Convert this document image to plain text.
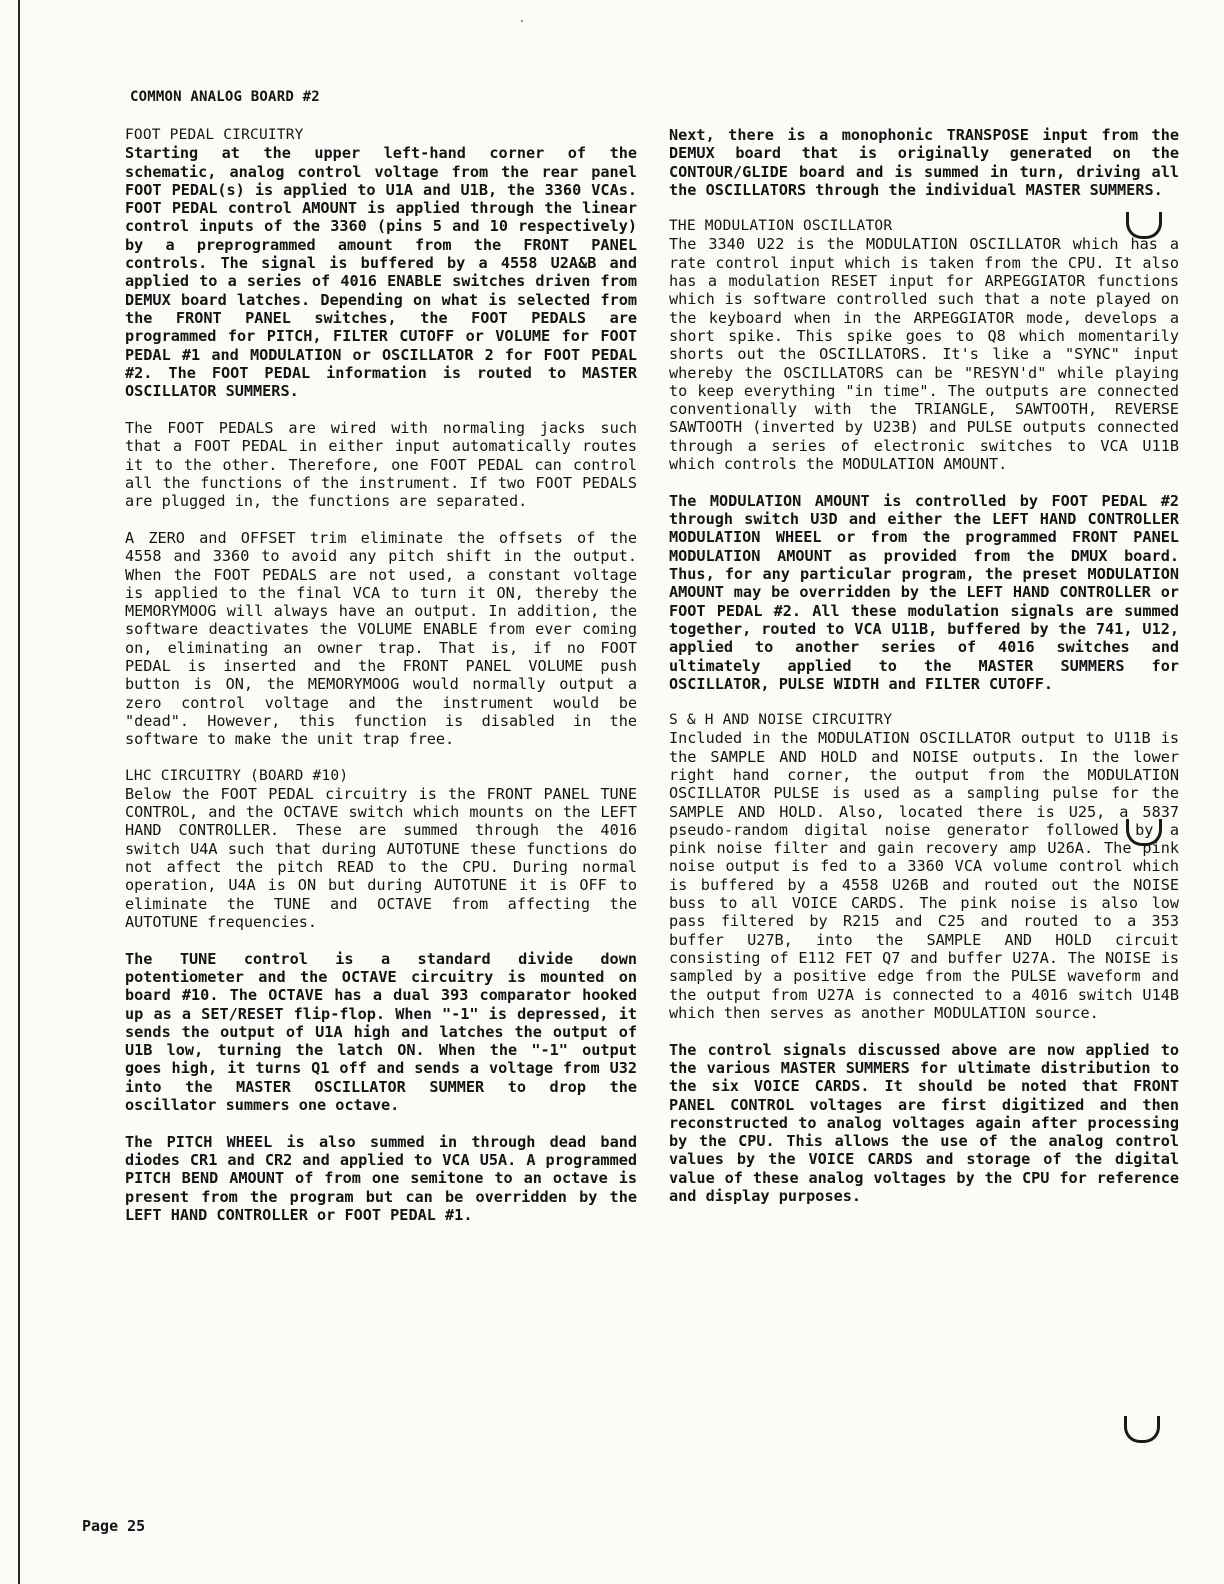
COMMON ANALOG BOARD #2
FOOT PEDAL CIRCUITRY

Starting at the upper left-hand corner of the schematic, analog control voltage from the rear panel FOOT PEDAL(s) is applied to U1A and U1B, the 3360 VCAs. FOOT PEDAL control AMOUNT is applied through the linear control inputs of the 3360 (pins 5 and 10 respectively) by a preprogrammed amount from the FRONT PANEL controls. The signal is buffered by a 4558 U2A&B and applied to a series of 4016 ENABLE switches driven from DEMUX board latches. Depending on what is selected from the FRONT PANEL switches, the FOOT PEDALS are programmed for PITCH, FILTER CUTOFF or VOLUME for FOOT PEDAL #1 and MODULATION or OSCILLATOR 2 for FOOT PEDAL #2. The FOOT PEDAL information is routed to MASTER OSCILLATOR SUMMERS.

The FOOT PEDALS are wired with normaling jacks such that a FOOT PEDAL in either input automatically routes it to the other. Therefore, one FOOT PEDAL can control all the functions of the instrument. If two FOOT PEDALS are plugged in, the functions are separated.

A ZERO and OFFSET trim eliminate the offsets of the 4558 and 3360 to avoid any pitch shift in the output. When the FOOT PEDALS are not used, a constant voltage is applied to the final VCA to turn it ON, thereby the MEMORYMOOG will always have an output. In addition, the software deactivates the VOLUME ENABLE from ever coming on, eliminating an owner trap. That is, if no FOOT PEDAL is inserted and the FRONT PANEL VOLUME push button is ON, the MEMORYMOOG would normally output a zero control voltage and the instrument would be "dead". However, this function is disabled in the software to make the unit trap free.

LHC CIRCUITRY (BOARD #10)

Below the FOOT PEDAL circuitry is the FRONT PANEL TUNE CONTROL, and the OCTAVE switch which mounts on the LEFT HAND CONTROLLER. These are summed through the 4016 switch U4A such that during AUTOTUNE these functions do not affect the pitch READ to the CPU. During normal operation, U4A is ON but during AUTOTUNE it is OFF to eliminate the TUNE and OCTAVE from affecting the AUTOTUNE frequencies.

The TUNE control is a standard divide down potentiometer and the OCTAVE circuitry is mounted on board #10. The OCTAVE has a dual 393 comparator hooked up as a SET/RESET flip-flop. When "-1" is depressed, it sends the output of U1A high and latches the output of U1B low, turning the latch ON. When the "-1" output goes high, it turns Q1 off and sends a voltage from U32 into the MASTER OSCILLATOR SUMMER to drop the oscillator summers one octave.

The PITCH WHEEL is also summed in through dead band diodes CR1 and CR2 and applied to VCA U5A. A programmed PITCH BEND AMOUNT of from one semitone to an octave is present from the program but can be overridden by the LEFT HAND CONTROLLER or FOOT PEDAL #1.

Next, there is a monophonic TRANSPOSE input from the DEMUX board that is originally generated on the CONTOUR/GLIDE board and is summed in turn, driving all the OSCILLATORS through the individual MASTER SUMMERS.

THE MODULATION OSCILLATOR

The 3340 U22 is the MODULATION OSCILLATOR which has a rate control input which is taken from the CPU. It also has a modulation RESET input for ARPEGGIATOR functions which is software controlled such that a note played on the keyboard when in the ARPEGGIATOR mode, develops a short spike. This spike goes to Q8 which momentarily shorts out the OSCILLATORS. It's like a "SYNC" input whereby the OSCILLATORS can be "RESYN'd" while playing to keep everything "in time". The outputs are connected conventionally with the TRIANGLE, SAWTOOTH, REVERSE SAWTOOTH (inverted by U23B) and PULSE outputs connected through a series of electronic switches to VCA U11B which controls the MODULATION AMOUNT.

The MODULATION AMOUNT is controlled by FOOT PEDAL #2 through switch U3D and either the LEFT HAND CONTROLLER MODULATION WHEEL or from the programmed FRONT PANEL MODULATION AMOUNT as provided from the DMUX board. Thus, for any particular program, the preset MODULATION AMOUNT may be overridden by the LEFT HAND CONTROLLER or FOOT PEDAL #2. All these modulation signals are summed together, routed to VCA U11B, buffered by the 741, U12, applied to another series of 4016 switches and ultimately applied to the MASTER SUMMERS for OSCILLATOR, PULSE WIDTH and FILTER CUTOFF.

S & H AND NOISE CIRCUITRY

Included in the MODULATION OSCILLATOR output to U11B is the SAMPLE AND HOLD and NOISE outputs. In the lower right hand corner, the output from the MODULATION OSCILLATOR PULSE is used as a sampling pulse for the SAMPLE AND HOLD. Also, located there is U25, a 5837 pseudo-random digital noise generator followed by a pink noise filter and gain recovery amp U26A. The pink noise output is fed to a 3360 VCA volume control which is buffered by a 4558 U26B and routed out the NOISE buss to all VOICE CARDS. The pink noise is also low pass filtered by R215 and C25 and routed to a 353 buffer U27B, into the SAMPLE AND HOLD circuit consisting of E112 FET Q7 and buffer U27A. The NOISE is sampled by a positive edge from the PULSE waveform and the output from U27A is connected to a 4016 switch U14B which then serves as another MODULATION source.

The control signals discussed above are now applied to the various MASTER SUMMERS for ultimate distribution to the six VOICE CARDS. It should be noted that FRONT PANEL CONTROL voltages are first digitized and then reconstructed to analog voltages again after processing by the CPU. This allows the use of the analog control values by the VOICE CARDS and storage of the digital value of these analog voltages by the CPU for reference and display purposes.

Page 25
